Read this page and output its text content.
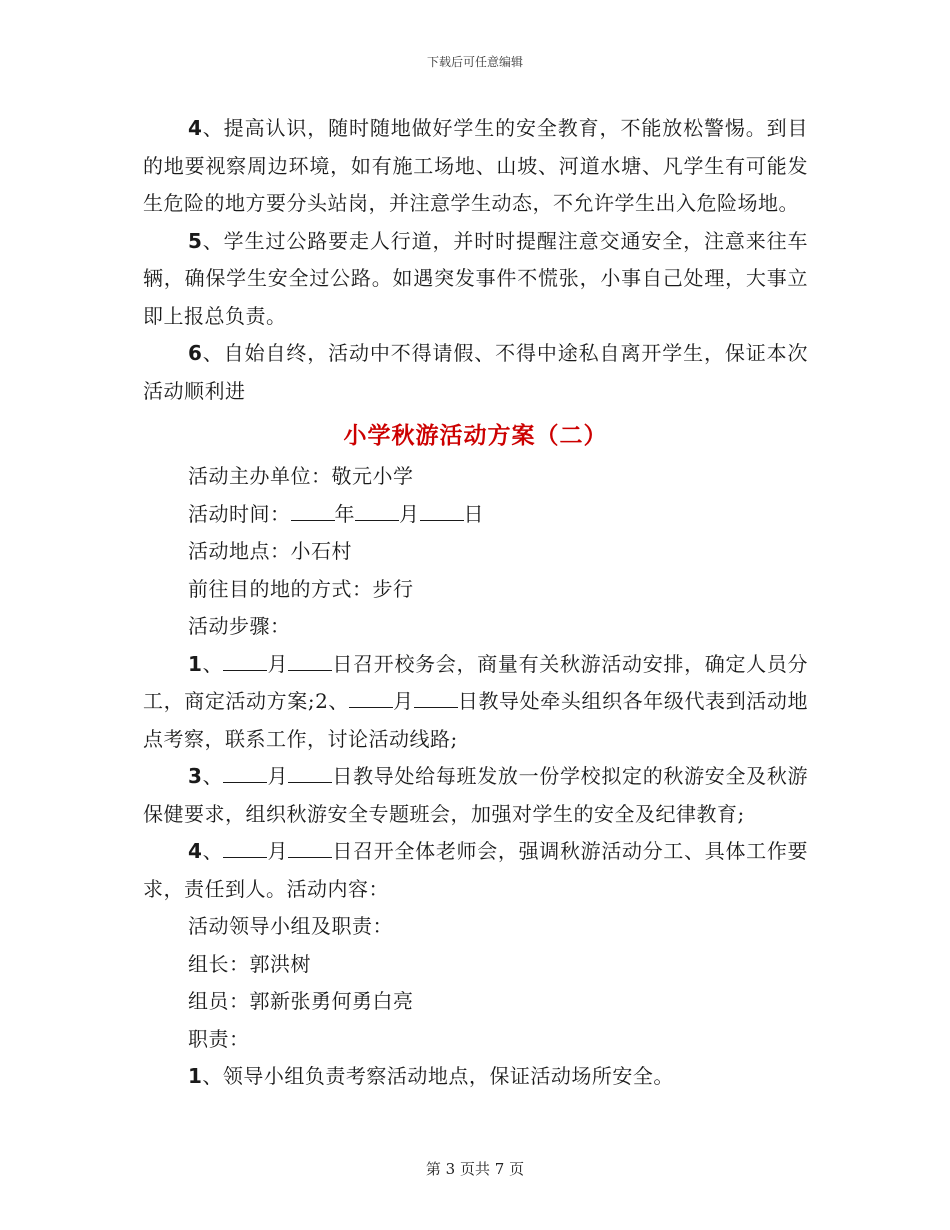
下载后可任意编辑

4、提高认识，随时随地做好学生的安全教育，不能放松警惕。到目的地要视察周边环境，如有施工场地、山坡、河道水塘、凡学生有可能发生危险的地方要分头站岗，并注意学生动态，不允许学生出入危险场地。

5、学生过公路要走人行道，并时时提醒注意交通安全，注意来往车辆，确保学生安全过公路。如遇突发事件不慌张，小事自己处理，大事立即上报总负责。

6、自始自终，活动中不得请假、不得中途私自离开学生，保证本次活动顺利进

小学秋游活动方案（二）

活动主办单位：敬元小学

活动时间： 年 月 日

活动地点：小石村

前往目的地的方式：步行

活动步骤：

1、 月 日召开校务会，商量有关秋游活动安排，确定人员分工，商定活动方案;2、 月 日教导处牵头组织各年级代表到活动地点考察，联系工作，讨论活动线路;

3、 月 日教导处给每班发放一份学校拟定的秋游安全及秋游保健要求，组织秋游安全专题班会，加强对学生的安全及纪律教育;

4、 月 日召开全体老师会，强调秋游活动分工、具体工作要求，责任到人。活动内容：

活动领导小组及职责：

组长：郭洪树

组员：郭新张勇何勇白亮

职责：

1、领导小组负责考察活动地点，保证活动场所安全。

第 3 页共 7 页
